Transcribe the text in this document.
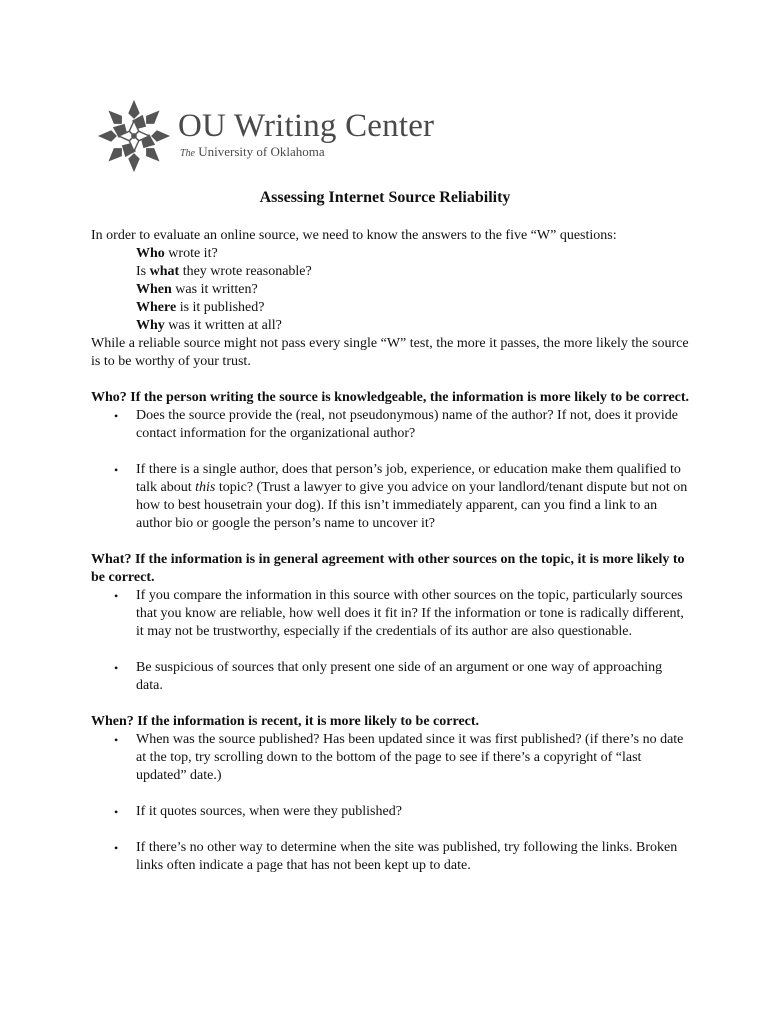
OU Writing Center
The University of Oklahoma
Assessing Internet Source Reliability

In order to evaluate an online source, we need to know the answers to the five “W” questions:

Who wrote it?
Is what they wrote reasonable?
When was it written?
Where is it published?
Why was it written at all?

While a reliable source might not pass every single “W” test, the more it passes, the more likely the source is to be worthy of your trust.

Who? If the person writing the source is knowledgeable, the information is more likely to be correct.

• Does the source provide the (real, not pseudonymous) name of the author? If not, does it provide contact information for the organizational author?
• If there is a single author, does that person’s job, experience, or education make them qualified to talk about this topic? (Trust a lawyer to give you advice on your landlord/tenant dispute but not on how to best housetrain your dog). If this isn’t immediately apparent, can you find a link to an author bio or google the person’s name to uncover it?

What? If the information is in general agreement with other sources on the topic, it is more likely to be correct.

• If you compare the information in this source with other sources on the topic, particularly sources that you know are reliable, how well does it fit in? If the information or tone is radically different, it may not be trustworthy, especially if the credentials of its author are also questionable.
• Be suspicious of sources that only present one side of an argument or one way of approaching data.

When? If the information is recent, it is more likely to be correct.

• When was the source published? Has been updated since it was first published? (if there’s no date at the top, try scrolling down to the bottom of the page to see if there’s a copyright of “last updated” date.)
• If it quotes sources, when were they published?
• If there’s no other way to determine when the site was published, try following the links. Broken links often indicate a page that has not been kept up to date.
